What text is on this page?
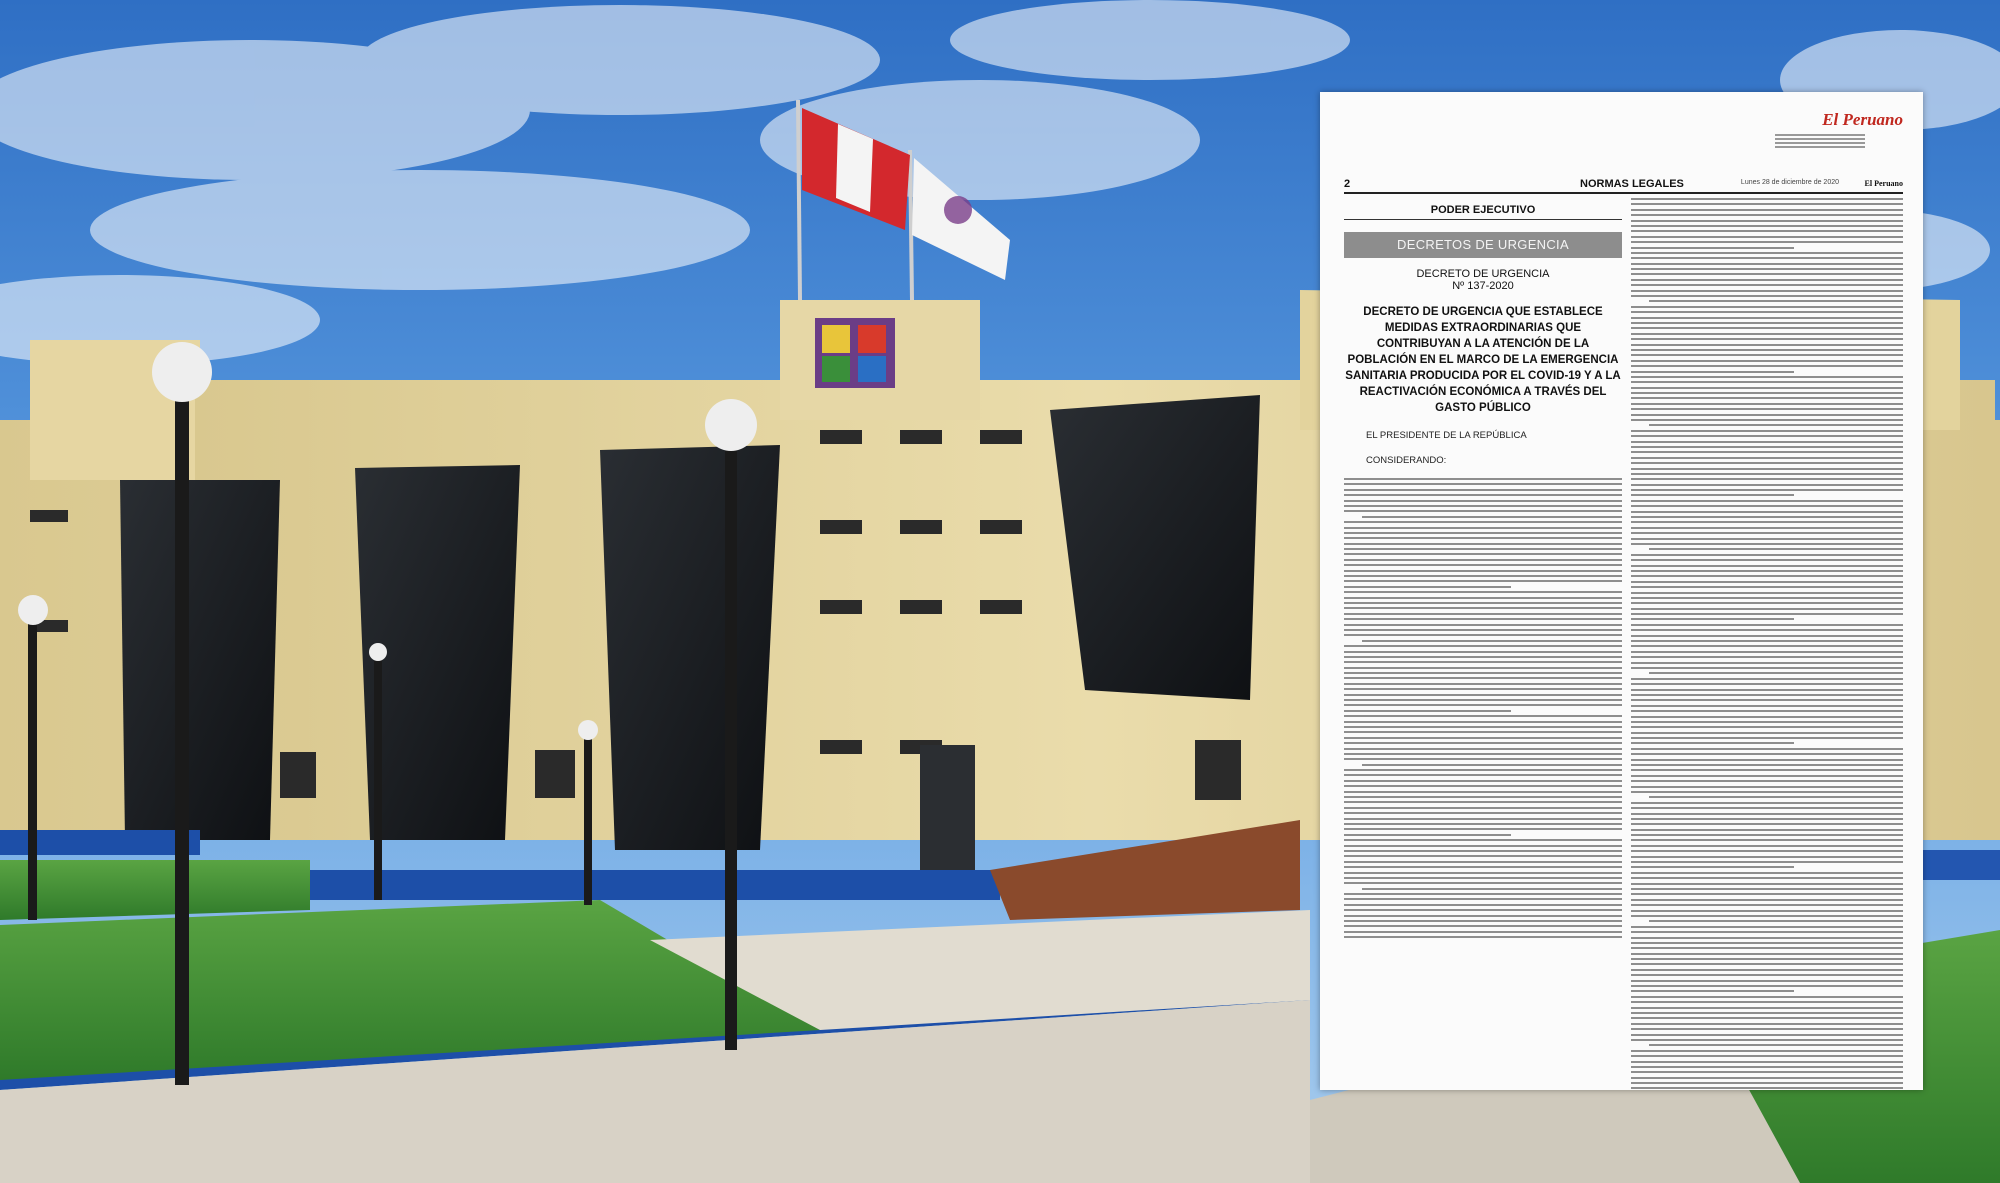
El Peruano
2	NORMAS LEGALES	Lunes 28 de diciembre de 2020	El Peruano
PODER EJECUTIVO
DECRETOS DE URGENCIA
DECRETO DE URGENCIA
Nº 137-2020
DECRETO DE URGENCIA QUE ESTABLECE MEDIDAS EXTRAORDINARIAS QUE CONTRIBUYAN A LA ATENCIÓN DE LA POBLACIÓN EN EL MARCO DE LA EMERGENCIA SANITARIA PRODUCIDA POR EL COVID-19 Y A LA REACTIVACIÓN ECONÓMICA A TRAVÉS DEL GASTO PÚBLICO
EL PRESIDENTE DE LA REPÚBLICA
CONSIDERANDO:
